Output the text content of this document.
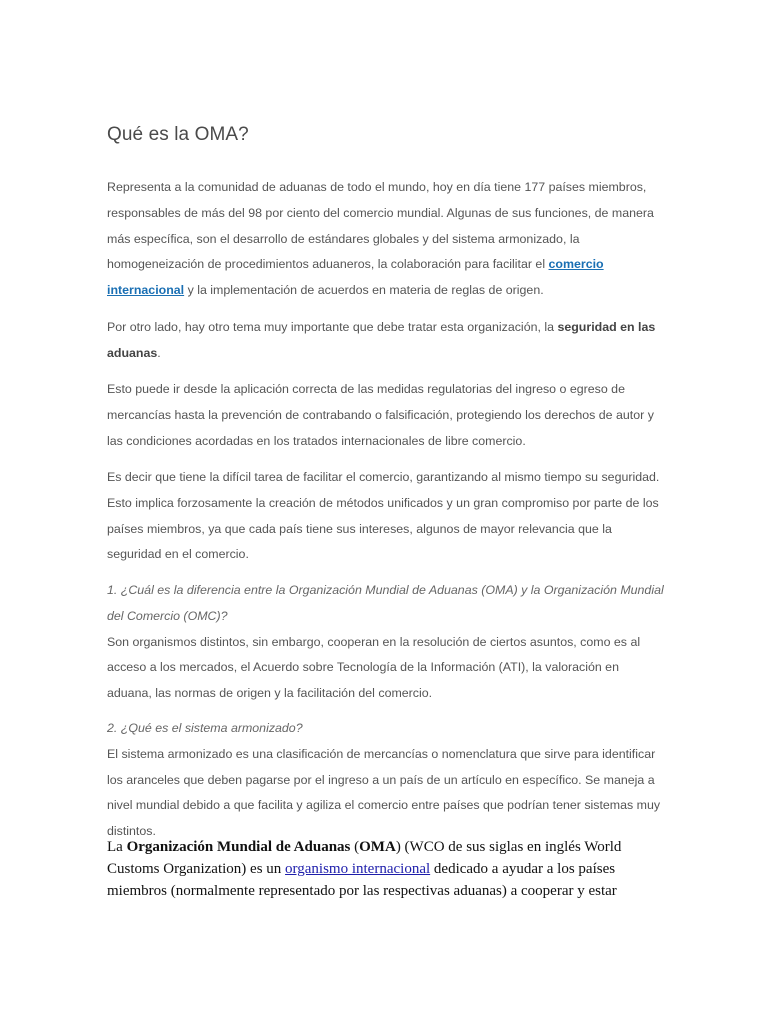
Qué es la OMA?

Representa a la comunidad de aduanas de todo el mundo, hoy en día tiene 177 países miembros, responsables de más del 98 por ciento del comercio mundial. Algunas de sus funciones, de manera más específica, son el desarrollo de estándares globales y del sistema armonizado, la homogeneización de procedimientos aduaneros, la colaboración para facilitar el comercio internacional y la implementación de acuerdos en materia de reglas de origen.

Por otro lado, hay otro tema muy importante que debe tratar esta organización, la seguridad en las aduanas.

Esto puede ir desde la aplicación correcta de las medidas regulatorias del ingreso o egreso de mercancías hasta la prevención de contrabando o falsificación, protegiendo los derechos de autor y las condiciones acordadas en los tratados internacionales de libre comercio.

Es decir que tiene la difícil tarea de facilitar el comercio, garantizando al mismo tiempo su seguridad. Esto implica forzosamente la creación de métodos unificados y un gran compromiso por parte de los países miembros, ya que cada país tiene sus intereses, algunos de mayor relevancia que la seguridad en el comercio.

1. ¿Cuál es la diferencia entre la Organización Mundial de Aduanas (OMA) y la Organización Mundial del Comercio (OMC)?

Son organismos distintos, sin embargo, cooperan en la resolución de ciertos asuntos, como es al acceso a los mercados, el Acuerdo sobre Tecnología de la Información (ATI), la valoración en aduana, las normas de origen y la facilitación del comercio.

2. ¿Qué es el sistema armonizado?

El sistema armonizado es una clasificación de mercancías o nomenclatura que sirve para identificar los aranceles que deben pagarse por el ingreso a un país de un artículo en específico. Se maneja a nivel mundial debido a que facilita y agiliza el comercio entre países que podrían tener sistemas muy distintos.

La Organización Mundial de Aduanas (OMA) (WCO de sus siglas en inglés World Customs Organization) es un organismo internacional dedicado a ayudar a los países miembros (normalmente representado por las respectivas aduanas) a cooperar y estar
